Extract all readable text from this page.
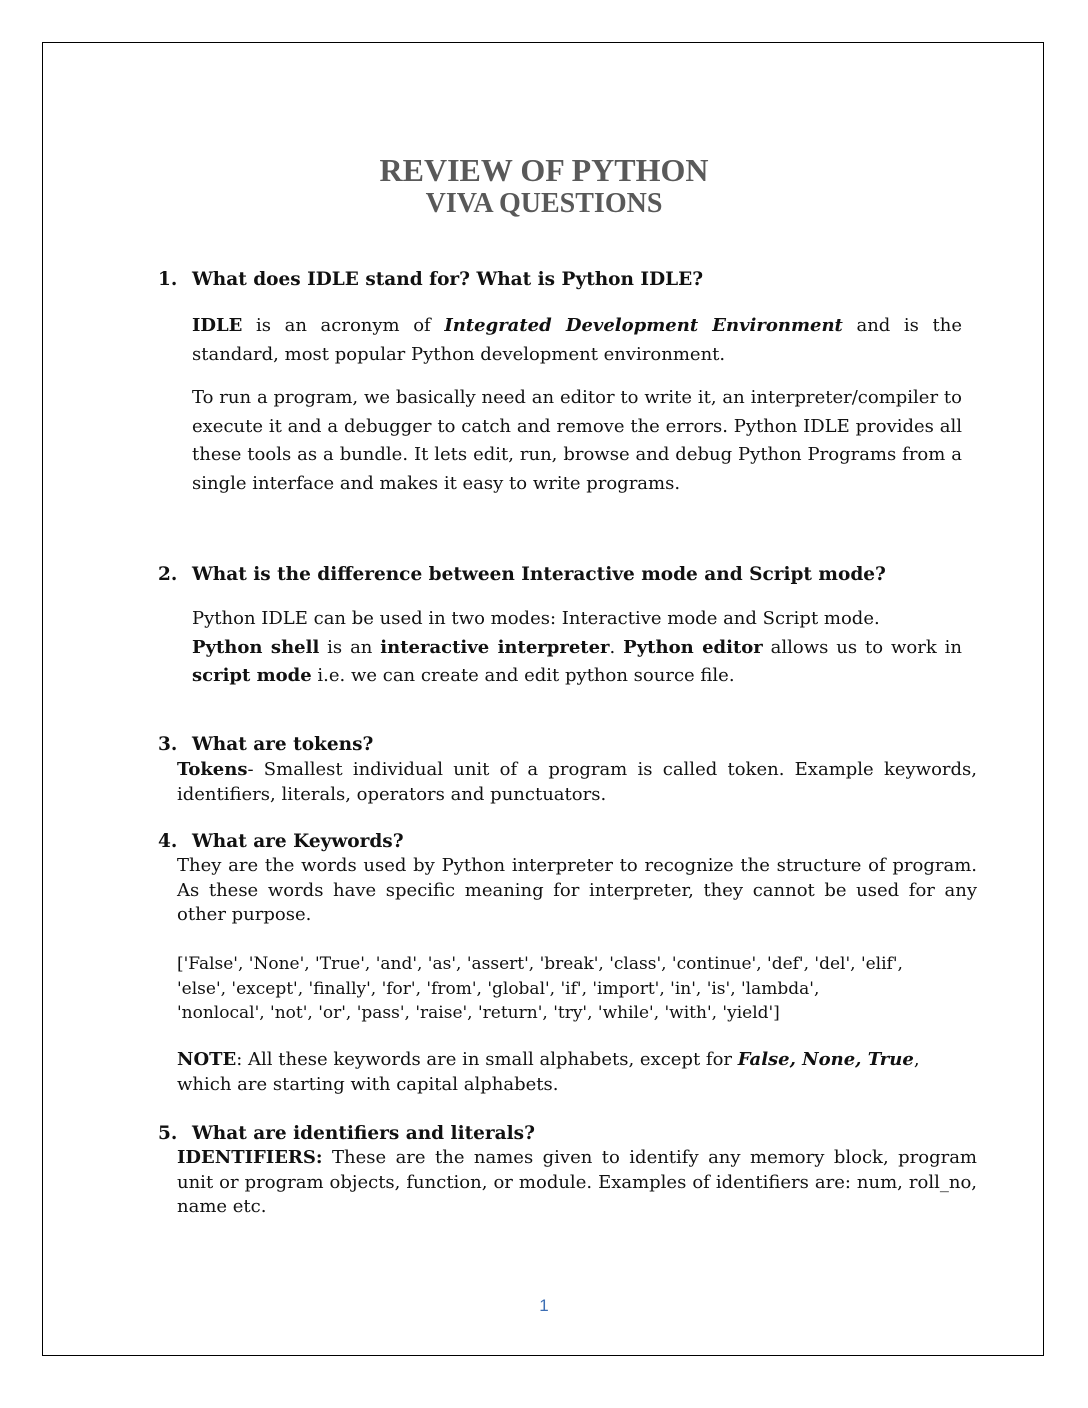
REVIEW OF PYTHON
VIVA QUESTIONS

1. What does IDLE stand for? What is Python IDLE?

IDLE is an acronym of Integrated Development Environment and is the standard, most popular Python development environment.

To run a program, we basically need an editor to write it, an interpreter/compiler to execute it and a debugger to catch and remove the errors. Python IDLE provides all these tools as a bundle. It lets edit, run, browse and debug Python Programs from a single interface and makes it easy to write programs.

2. What is the difference between Interactive mode and Script mode?

Python IDLE can be used in two modes: Interactive mode and Script mode.
Python shell is an interactive interpreter. Python editor allows us to work in script mode i.e. we can create and edit python source file.

3. What are tokens?

Tokens- Smallest individual unit of a program is called token. Example keywords, identifiers, literals, operators and punctuators.

4. What are Keywords?

They are the words used by Python interpreter to recognize the structure of program. As these words have specific meaning for interpreter, they cannot be used for any other purpose.

['False', 'None', 'True', 'and', 'as', 'assert', 'break', 'class', 'continue', 'def', 'del', 'elif',
'else', 'except', 'finally', 'for', 'from', 'global', 'if', 'import', 'in', 'is', 'lambda',
'nonlocal', 'not', 'or', 'pass', 'raise', 'return', 'try', 'while', 'with', 'yield']

NOTE: All these keywords are in small alphabets, except for False, None, True,
which are starting with capital alphabets.

5. What are identifiers and literals?

IDENTIFIERS: These are the names given to identify any memory block, program unit or program objects, function, or module. Examples of identifiers are: num, roll_no, name etc.

1
